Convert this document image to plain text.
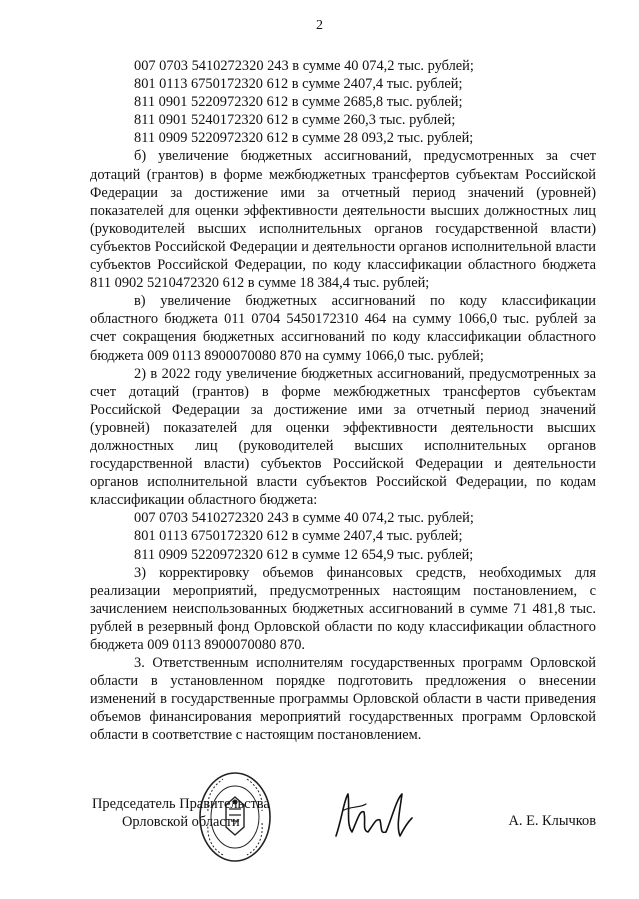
2

007 0703 5410272320 243 в сумме 40 074,2 тыс. рублей;

801 0113 6750172320 612 в сумме 2407,4 тыс. рублей;

811 0901 5220972320 612 в сумме 2685,8 тыс. рублей;

811 0901 5240172320 612 в сумме 260,3 тыс. рублей;

811 0909 5220972320 612 в сумме 28 093,2 тыс. рублей;

б) увеличение бюджетных ассигнований, предусмотренных за счет дотаций (грантов) в форме межбюджетных трансфертов субъектам Российской Федерации за достижение ими за отчетный период значений (уровней) показателей для оценки эффективности деятельности высших должностных лиц (руководителей высших исполнительных органов государственной власти) субъектов Российской Федерации и деятельности органов исполнительной власти субъектов Российской Федерации, по коду классификации областного бюджета 811 0902 5210472320 612 в сумме 18 384,4 тыс. рублей;

в) увеличение бюджетных ассигнований по коду классификации областного бюджета 011 0704 5450172310 464 на сумму 1066,0 тыс. рублей за счет сокращения бюджетных ассигнований по коду классификации областного бюджета 009 0113 8900070080 870 на сумму 1066,0 тыс. рублей;

2) в 2022 году увеличение бюджетных ассигнований, предусмотренных за счет дотаций (грантов) в форме межбюджетных трансфертов субъектам Российской Федерации за достижение ими за отчетный период значений (уровней) показателей для оценки эффективности деятельности высших должностных лиц (руководителей высших исполнительных органов государственной власти) субъектов Российской Федерации и деятельности органов исполнительной власти субъектов Российской Федерации, по кодам классификации областного бюджета:

007 0703 5410272320 243 в сумме 40 074,2 тыс. рублей;

801 0113 6750172320 612 в сумме 2407,4 тыс. рублей;

811 0909 5220972320 612 в сумме 12 654,9 тыс. рублей;

3) корректировку объемов финансовых средств, необходимых для реализации мероприятий, предусмотренных настоящим постановлением, с зачислением неиспользованных бюджетных ассигнований в сумме 71 481,8 тыс. рублей в резервный фонд Орловской области по коду классификации областного бюджета 009 0113 8900070080 870.

3. Ответственным исполнителям государственных программ Орловской области в установленном порядке подготовить предложения о внесении изменений в государственные программы Орловской области в части приведения объемов финансирования мероприятий государственных программ Орловской области в соответствие с настоящим постановлением.

Председатель Правительства
Орловской области	А. Е. Клычков
